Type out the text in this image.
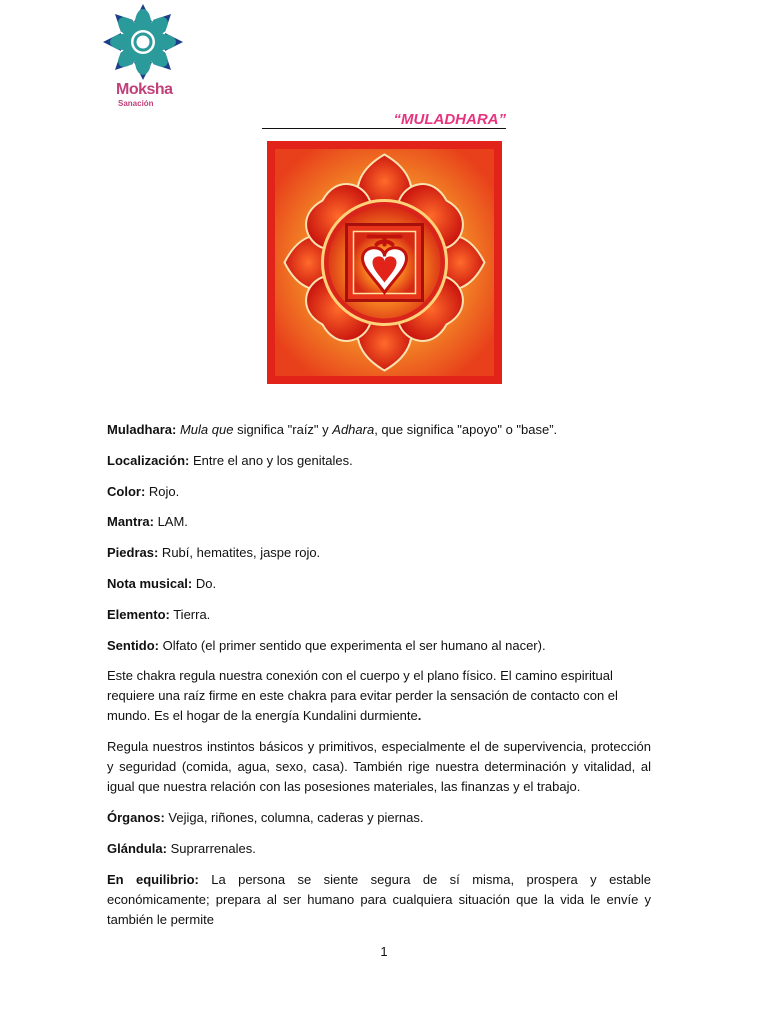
Moksha
Sanación
“MULADHARA”

Muladhara: Mula que significa "raíz" y Adhara, que significa "apoyo" o "base”.

Localización: Entre el ano y los genitales.

Color: Rojo.

Mantra: LAM.

Piedras: Rubí, hematites, jaspe rojo.

Nota musical: Do.

Elemento: Tierra.

Sentido: Olfato (el primer sentido que experimenta el ser humano al nacer).

Este chakra regula nuestra conexión con el cuerpo y el plano físico. El camino espiritual requiere una raíz firme en este chakra para evitar perder la sensación de contacto con el mundo. Es el hogar de la energía Kundalini durmiente.

Regula nuestros instintos básicos y primitivos, especialmente el de supervivencia, protección y seguridad (comida, agua, sexo, casa). También rige nuestra determinación y vitalidad, al igual que nuestra relación con las posesiones materiales, las finanzas y el trabajo.

Órganos: Vejiga, riñones, columna, caderas y piernas.

Glándula: Suprarrenales.

En equilibrio: La persona se siente segura de sí misma, prospera y estable económicamente; prepara al ser humano para cualquiera situación que la vida le envíe y también le permite

1
